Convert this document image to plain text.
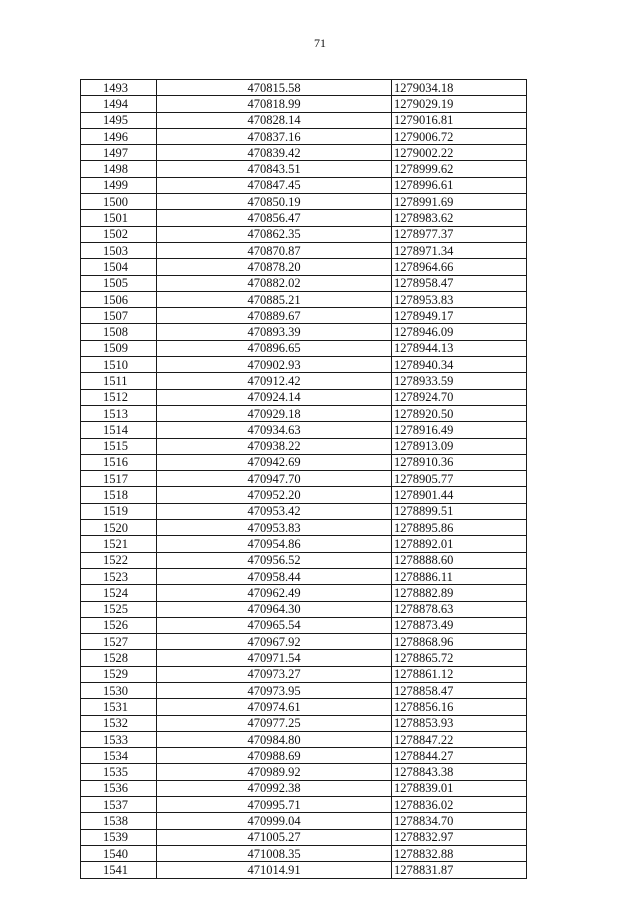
71
1493	470815.58	1279034.18
1494	470818.99	1279029.19
1495	470828.14	1279016.81
1496	470837.16	1279006.72
1497	470839.42	1279002.22
1498	470843.51	1278999.62
1499	470847.45	1278996.61
1500	470850.19	1278991.69
1501	470856.47	1278983.62
1502	470862.35	1278977.37
1503	470870.87	1278971.34
1504	470878.20	1278964.66
1505	470882.02	1278958.47
1506	470885.21	1278953.83
1507	470889.67	1278949.17
1508	470893.39	1278946.09
1509	470896.65	1278944.13
1510	470902.93	1278940.34
1511	470912.42	1278933.59
1512	470924.14	1278924.70
1513	470929.18	1278920.50
1514	470934.63	1278916.49
1515	470938.22	1278913.09
1516	470942.69	1278910.36
1517	470947.70	1278905.77
1518	470952.20	1278901.44
1519	470953.42	1278899.51
1520	470953.83	1278895.86
1521	470954.86	1278892.01
1522	470956.52	1278888.60
1523	470958.44	1278886.11
1524	470962.49	1278882.89
1525	470964.30	1278878.63
1526	470965.54	1278873.49
1527	470967.92	1278868.96
1528	470971.54	1278865.72
1529	470973.27	1278861.12
1530	470973.95	1278858.47
1531	470974.61	1278856.16
1532	470977.25	1278853.93
1533	470984.80	1278847.22
1534	470988.69	1278844.27
1535	470989.92	1278843.38
1536	470992.38	1278839.01
1537	470995.71	1278836.02
1538	470999.04	1278834.70
1539	471005.27	1278832.97
1540	471008.35	1278832.88
1541	471014.91	1278831.87
